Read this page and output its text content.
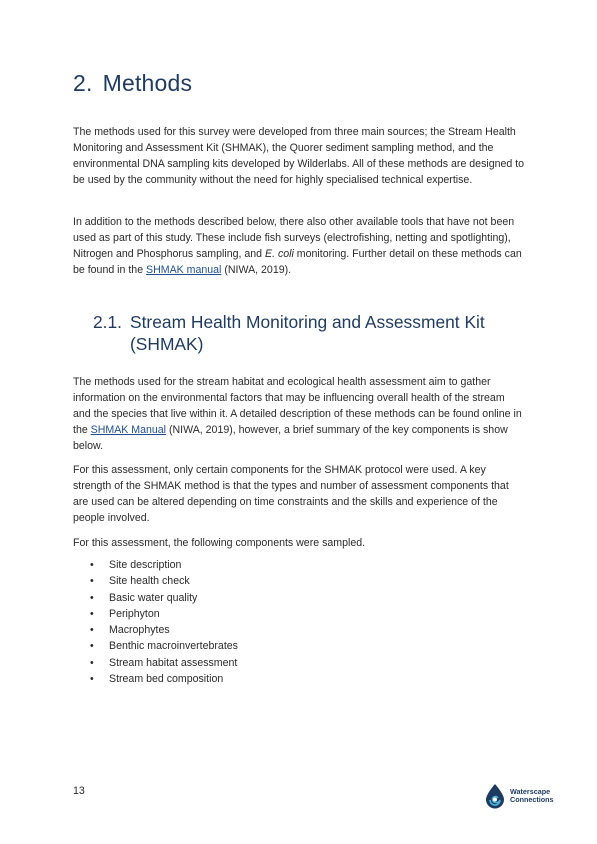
2. Methods
The methods used for this survey were developed from three main sources; the Stream Health Monitoring and Assessment Kit (SHMAK), the Quorer sediment sampling method, and the environmental DNA sampling kits developed by Wilderlabs. All of these methods are designed to be used by the community without the need for highly specialised technical expertise.
In addition to the methods described below, there also other available tools that have not been used as part of this study. These include fish surveys (electrofishing, netting and spotlighting), Nitrogen and Phosphorus sampling, and E. coli monitoring. Further detail on these methods can be found in the SHMAK manual (NIWA, 2019).
2.1. Stream Health Monitoring and Assessment Kit
(SHMAK)
The methods used for the stream habitat and ecological health assessment aim to gather information on the environmental factors that may be influencing overall health of the stream and the species that live within it. A detailed description of these methods can be found online in the SHMAK Manual (NIWA, 2019), however, a brief summary of the key components is show below.
For this assessment, only certain components for the SHMAK protocol were used. A key strength of the SHMAK method is that the types and number of assessment components that are used can be altered depending on time constraints and the skills and experience of the people involved.
For this assessment, the following components were sampled.
• Site description
• Site health check
• Basic water quality
• Periphyton
• Macrophytes
• Benthic macroinvertebrates
• Stream habitat assessment
• Stream bed composition
13	Waterscape
Connections
